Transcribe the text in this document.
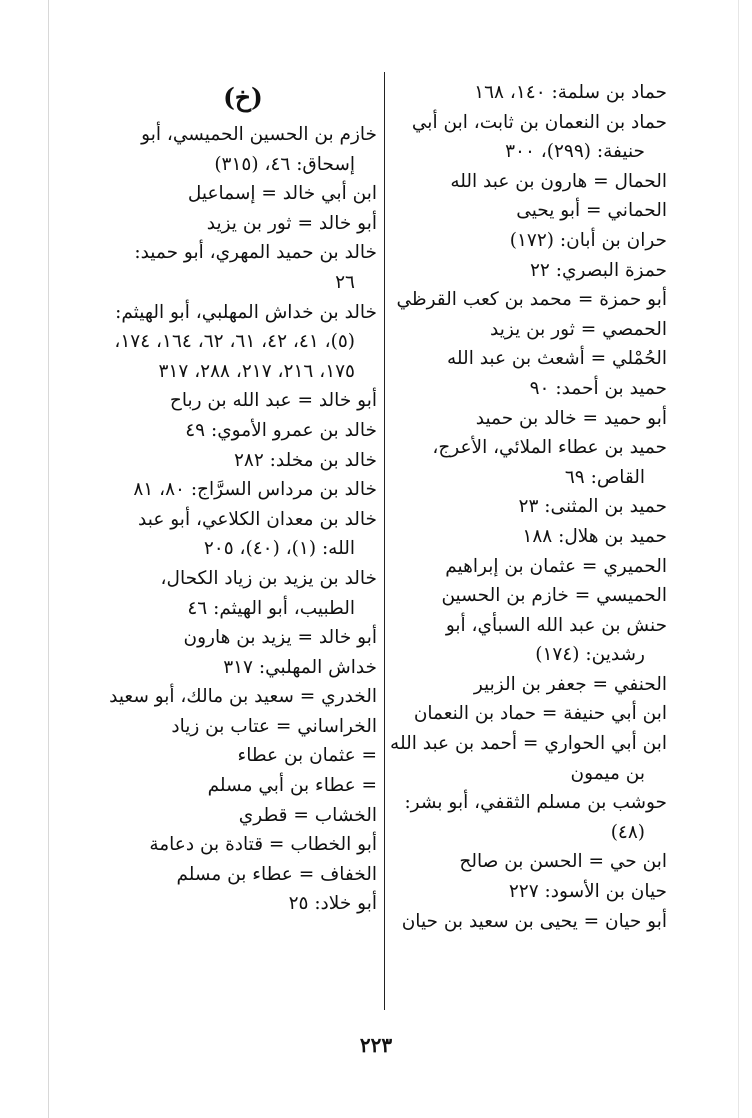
حماد بن سلمة: ١٤٠، ١٦٨
حماد بن النعمان بن ثابت، ابن أبي حنيفة: (٢٩٩)، ٣٠٠
الحمال = هارون بن عبد الله
الحماني = أبو يحيى
حران بن أبان: (١٧٢)
حمزة البصري: ٢٢
أبو حمزة = محمد بن كعب القرظي
الحمصي = ثور بن يزيد
الحُمْلي = أشعث بن عبد الله
حميد بن أحمد: ٩٠
أبو حميد = خالد بن حميد
حميد بن عطاء الملائي، الأعرج، القاص: ٦٩
حميد بن المثنى: ٢٣
حميد بن هلال: ١٨٨
الحميري = عثمان بن إبراهيم
الحميسي = خازم بن الحسين
حنش بن عبد الله السبأي، أبو رشدين: (١٧٤)
الحنفي = جعفر بن الزبير
ابن أبي حنيفة = حماد بن النعمان
ابن أبي الحواري = أحمد بن عبد الله بن ميمون
حوشب بن مسلم الثقفي، أبو بشر: (٤٨)
ابن حي = الحسن بن صالح
حيان بن الأسود: ٢٢٧
أبو حيان = يحيى بن سعيد بن حيان
(خ)
خازم بن الحسين الحميسي، أبو إسحاق: ٤٦، (٣١٥)
ابن أبي خالد = إسماعيل
أبو خالد = ثور بن يزيد
خالد بن حميد المهري، أبو حميد: ٢٦
خالد بن خداش المهلبي، أبو الهيثم: (٥)، ٤١، ٤٢، ٦١، ٦٢، ١٦٤، ١٧٤، ١٧٥، ٢١٦، ٢١٧، ٢٨٨، ٣١٧
أبو خالد = عبد الله بن رباح
خالد بن عمرو الأموي: ٤٩
خالد بن مخلد: ٢٨٢
خالد بن مرداس السرَّاج: ٨٠، ٨١
خالد بن معدان الكلاعي، أبو عبد الله: (١)، (٤٠)، ٢٠٥
خالد بن يزيد بن زياد الكحال، الطبيب، أبو الهيثم: ٤٦
أبو خالد = يزيد بن هارون
خداش المهلبي: ٣١٧
الخدري = سعيد بن مالك، أبو سعيد
الخراساني = عتاب بن زياد
= عثمان بن عطاء
= عطاء بن أبي مسلم
الخشاب = قطري
أبو الخطاب = قتادة بن دعامة
الخفاف = عطاء بن مسلم
أبو خلاد: ٢٥
٢٢٣
